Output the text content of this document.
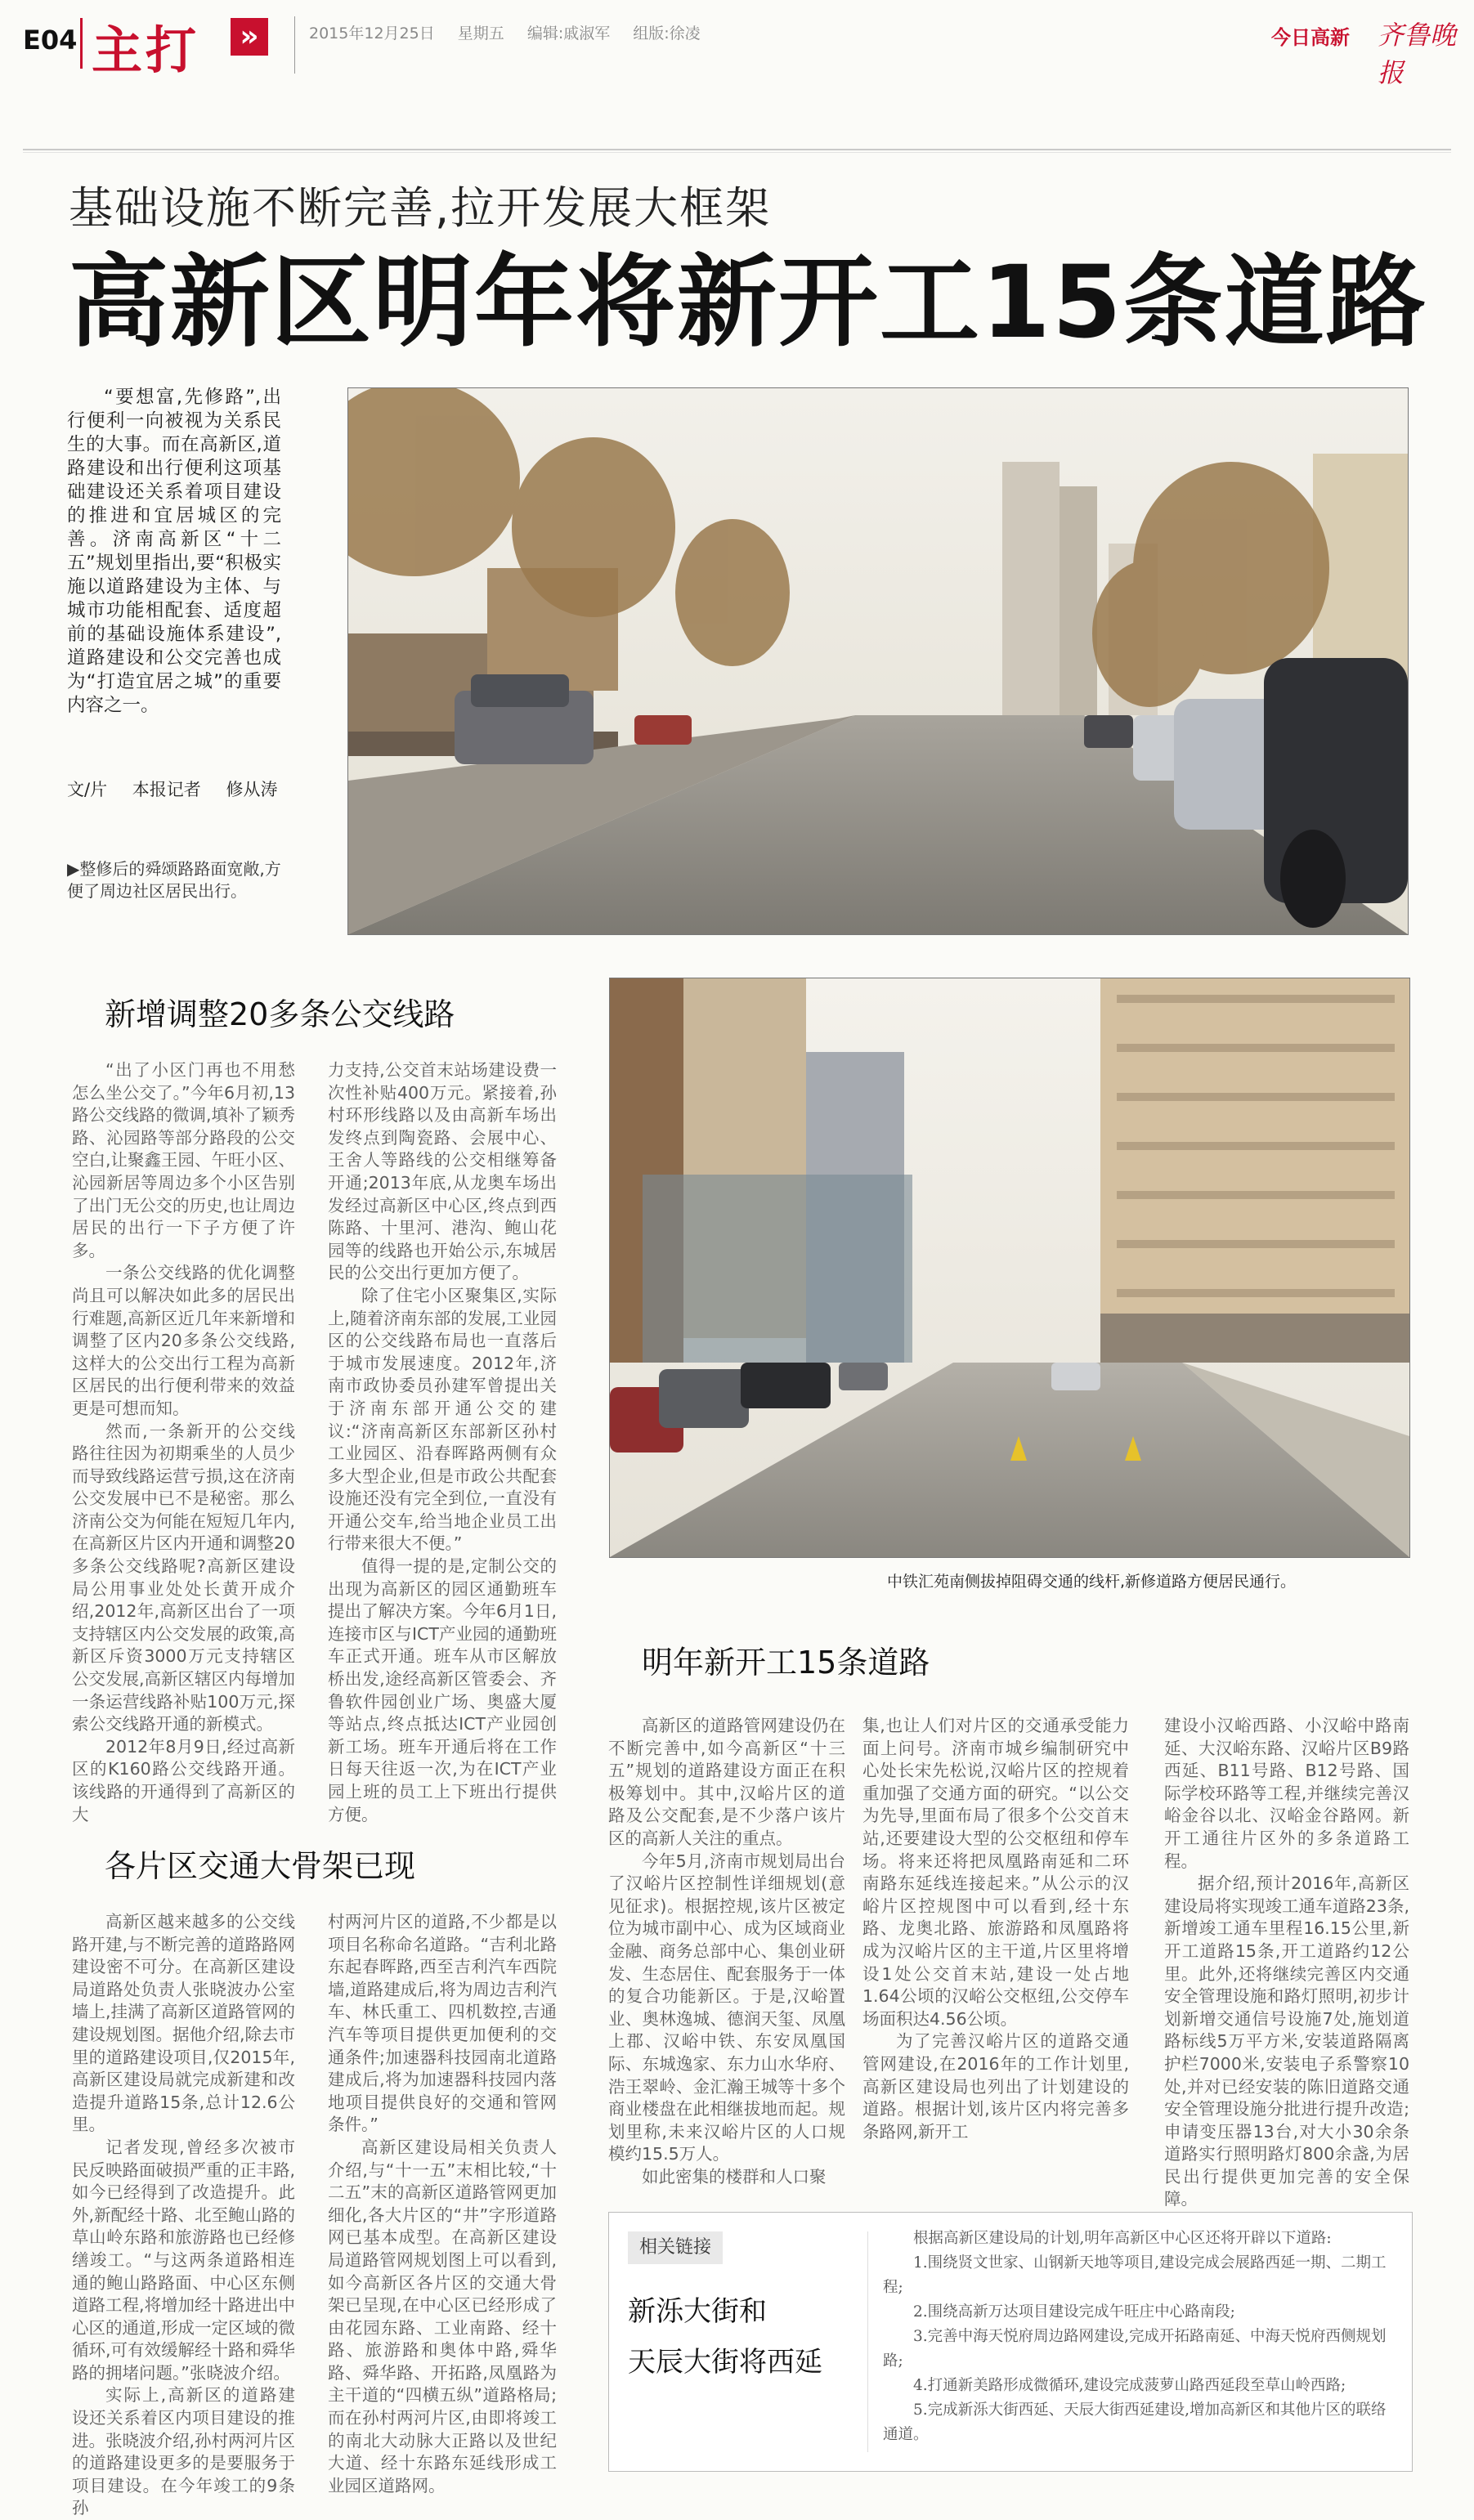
E04 主打	»	2015年12月25日 星期五 编辑:戚淑军 组版:徐凌	今日高新 齐鲁晚报
基础设施不断完善,拉开发展大框架
高新区明年将新开工15条道路
“要想富,先修路”,出行便利一向被视为关系民生的大事。而在高新区,道路建设和出行便利这项基础建设还关系着项目建设的推进和宜居城区的完善。济南高新区“十二五”规划里指出,要“积极实施以道路建设为主体、与城市功能相配套、适度超前的基础设施体系建设”,道路建设和公交完善也成为“打造宜居之城”的重要内容之一。
文/片 本报记者 修从涛
▶整修后的舜颂路路面宽敞,方便了周边社区居民出行。
新增调整20多条公交线路

“出了小区门再也不用愁怎么坐公交了。”今年6月初,13路公交线路的微调,填补了颖秀路、沁园路等部分路段的公交空白,让聚鑫王园、午旺小区、沁园新居等周边多个小区告别了出门无公交的历史,也让周边居民的出行一下子方便了许多。

一条公交线路的优化调整尚且可以解决如此多的居民出行难题,高新区近几年来新增和调整了区内20多条公交线路,这样大的公交出行工程为高新区居民的出行便利带来的效益更是可想而知。

然而,一条新开的公交线路往往因为初期乘坐的人员少而导致线路运营亏损,这在济南公交发展中已不是秘密。那么济南公交为何能在短短几年内,在高新区片区内开通和调整20多条公交线路呢?高新区建设局公用事业处处长黄开成介绍,2012年,高新区出台了一项支持辖区内公交发展的政策,高新区斥资3000万元支持辖区公交发展,高新区辖区内每增加一条运营线路补贴100万元,探索公交线路开通的新模式。

2012年8月9日,经过高新区的K160路公交线路开通。该线路的开通得到了高新区的大

力支持,公交首末站场建设费一次性补贴400万元。紧接着,孙村环形线路以及由高新车场出发终点到陶瓷路、会展中心、王舍人等路线的公交相继筹备开通;2013年底,从龙奥车场出发经过高新区中心区,终点到西陈路、十里河、港沟、鲍山花园等的线路也开始公示,东城居民的公交出行更加方便了。

除了住宅小区聚集区,实际上,随着济南东部的发展,工业园区的公交线路布局也一直落后于城市发展速度。2012年,济南市政协委员孙建军曾提出关于济南东部开通公交的建议:“济南高新区东部新区孙村工业园区、沿春晖路两侧有众多大型企业,但是市政公共配套设施还没有完全到位,一直没有开通公交车,给当地企业员工出行带来很大不便。”

值得一提的是,定制公交的出现为高新区的园区通勤班车提出了解决方案。今年6月1日,连接市区与ICT产业园的通勤班车正式开通。班车从市区解放桥出发,途经高新区管委会、齐鲁软件园创业广场、奥盛大厦等站点,终点抵达ICT产业园创新工场。班车开通后将在工作日每天往返一次,为在ICT产业园上班的员工上下班出行提供方便。

中铁汇苑南侧拔掉阻碍交通的线杆,新修道路方便居民通行。
明年新开工15条道路
各片区交通大骨架已现

高新区越来越多的公交线路开建,与不断完善的道路路网建设密不可分。在高新区建设局道路处负责人张晓波办公室墙上,挂满了高新区道路管网的建设规划图。据他介绍,除去市里的道路建设项目,仅2015年,高新区建设局就完成新建和改造提升道路15条,总计12.6公里。

记者发现,曾经多次被市民反映路面破损严重的正丰路,如今已经得到了改造提升。此外,新配经十路、北至鲍山路的草山岭东路和旅游路也已经修缮竣工。“与这两条道路相连通的鲍山路路面、中心区东侧道路工程,将增加经十路进出中心区的通道,形成一定区域的微循环,可有效缓解经十路和舜华路的拥堵问题。”张晓波介绍。

实际上,高新区的道路建设还关系着区内项目建设的推进。张晓波介绍,孙村两河片区的道路建设更多的是要服务于项目建设。在今年竣工的9条孙

村两河片区的道路,不少都是以项目名称命名道路。“吉利北路东起春晖路,西至吉利汽车西院墙,道路建成后,将为周边吉利汽车、林氏重工、四机数控,吉通汽车等项目提供更加便利的交通条件;加速器科技园南北道路建成后,将为加速器科技园内落地项目提供良好的交通和管网条件。”

高新区建设局相关负责人介绍,与“十一五”末相比较,“十二五”末的高新区道路管网更加细化,各大片区的“井”字形道路网已基本成型。在高新区建设局道路管网规划图上可以看到,如今高新区各片区的交通大骨架已呈现,在中心区已经形成了由花园东路、工业南路、经十路、旅游路和奥体中路,舜华路、舜华路、开拓路,凤凰路为主干道的“四横五纵”道路格局;而在孙村两河片区,由即将竣工的南北大动脉大正路以及世纪大道、经十东路东延线形成工业园区道路网。

高新区的道路管网建设仍在不断完善中,如今高新区“十三五”规划的道路建设方面正在积极筹划中。其中,汉峪片区的道路及公交配套,是不少落户该片区的高新人关注的重点。

今年5月,济南市规划局出台了汉峪片区控制性详细规划(意见征求)。根据控规,该片区被定位为城市副中心、成为区域商业金融、商务总部中心、集创业研发、生态居住、配套服务于一体的复合功能新区。于是,汉峪置业、奥林逸城、德润天玺、凤凰上郡、汉峪中铁、东安凤凰国际、东城逸家、东力山水华府、浩王翠岭、金汇瀚王城等十多个商业楼盘在此相继拔地而起。规划里称,未来汉峪片区的人口规模约15.5万人。

如此密集的楼群和人口聚

集,也让人们对片区的交通承受能力面上问号。济南市城乡编制研究中心处长宋先松说,汉峪片区的控规着重加强了交通方面的研究。“以公交为先导,里面布局了很多个公交首末站,还要建设大型的公交枢纽和停车场。将来还将把凤凰路南延和二环南路东延线连接起来。”从公示的汉峪片区控规图中可以看到,经十东路、龙奥北路、旅游路和凤凰路将成为汉峪片区的主干道,片区里将增设1处公交首末站,建设一处占地1.64公顷的汉峪公交枢纽,公交停车场面积达4.56公顷。

为了完善汉峪片区的道路交通管网建设,在2016年的工作计划里,高新区建设局也列出了计划建设的道路。根据计划,该片区内将完善多条路网,新开工

建设小汉峪西路、小汉峪中路南延、大汉峪东路、汉峪片区B9路西延、B11号路、B12号路、国际学校环路等工程,并继续完善汉峪金谷以北、汉峪金谷路网。新开工通往片区外的多条道路工程。

据介绍,预计2016年,高新区建设局将实现竣工通车道路23条,新增竣工通车里程16.15公里,新开工道路15条,开工道路约12公里。此外,还将继续完善区内交通安全管理设施和路灯照明,初步计划新增交通信号设施7处,施划道路标线5万平方米,安装道路隔离护栏7000米,安装电子系警察10处,并对已经安装的陈旧道路交通安全管理设施分批进行提升改造;申请变压器13台,对大小30余条道路实行照明路灯800余盏,为居民出行提供更加完善的安全保障。

相关链接
新泺大街和
天辰大街将西延

根据高新区建设局的计划,明年高新区中心区还将开辟以下道路:

1.围绕贤文世家、山钢新天地等项目,建设完成会展路西延一期、二期工程;

2.围绕高新万达项目建设完成午旺庄中心路南段;

3.完善中海天悦府周边路网建设,完成开拓路南延、中海天悦府西侧规划路;

4.打通新美路形成微循环,建设完成菠萝山路西延段至草山岭西路;

5.完成新泺大街西延、天辰大街西延建设,增加高新区和其他片区的联络通道。
